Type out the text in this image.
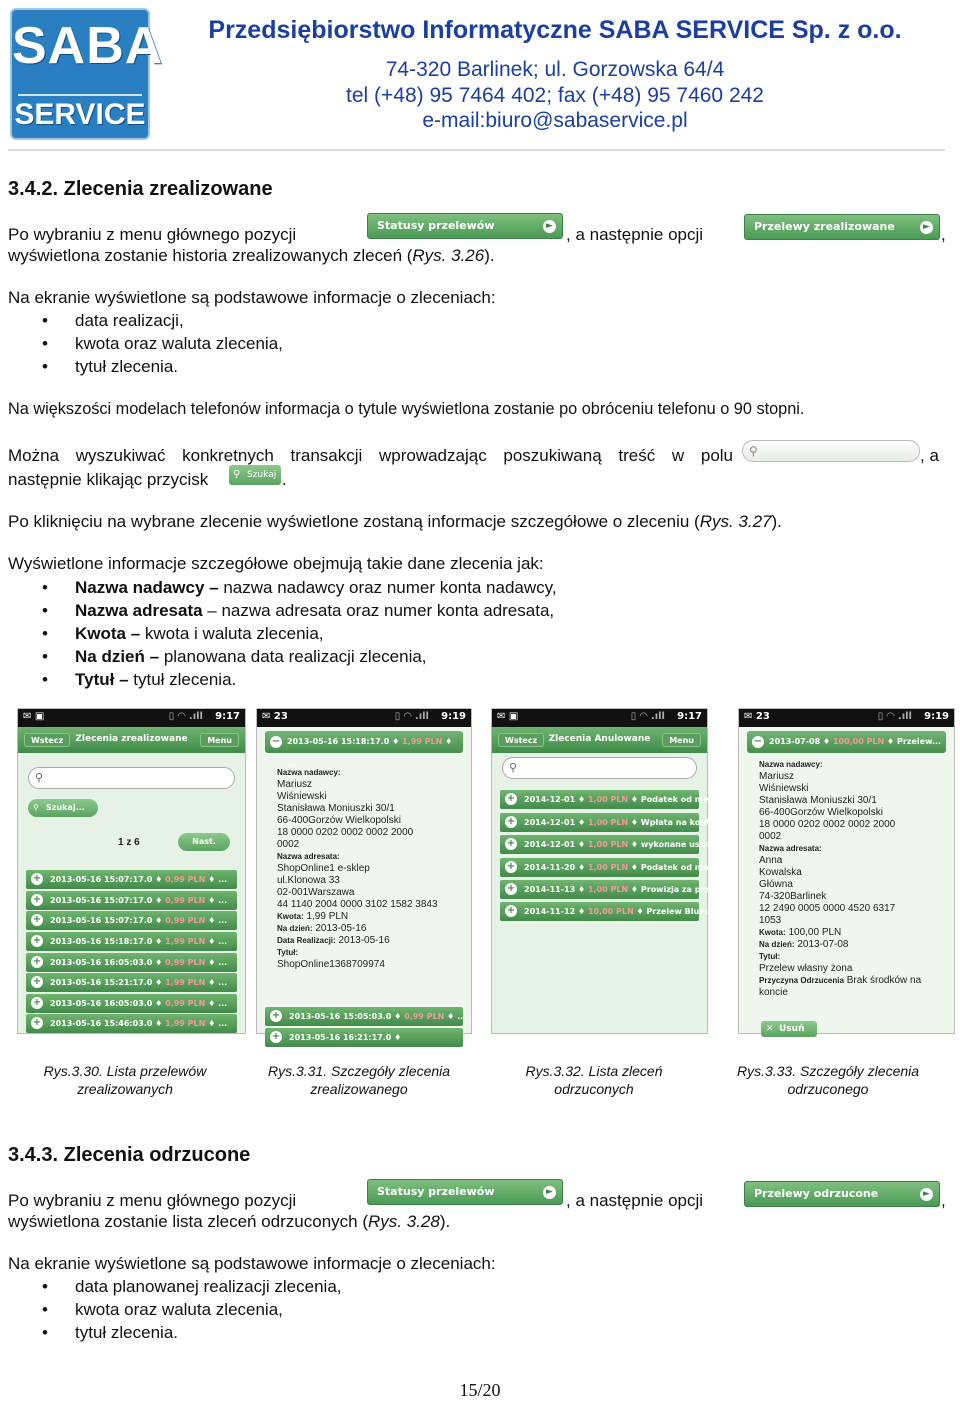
SABA
SERVICE
Przedsiębiorstwo Informatyczne SABA SERVICE Sp. z o.o.
74-320 Barlinek; ul. Gorzowska 64/4
tel (+48) 95 7464 402; fax (+48) 95 7460 242
e-mail:biuro@sabaservice.pl
3.4.2. Zlecenia zrealizowane
Po wybraniu z menu głównego pozycji	Statusy przelewów	► , a następnie opcji	Przelewy zrealizowane	► ,
wyświetlona zostanie historia zrealizowanych zleceń (Rys. 3.26).
Na ekranie wyświetlone są podstawowe informacje o zleceniach:
• data realizacji,
• kwota oraz waluta zlecenia,
• tytuł zlecenia.
Na większości modelach telefonów informacja o tytule wyświetlona zostanie po obróceniu telefonu o 90 stopni.
Można wyszukiwać konkretnych transakcji wprowadzając poszukiwaną treść w polu ⚲	, a
następnie klikając przycisk ⚲ Szukaj .
Po kliknięciu na wybrane zlecenie wyświetlone zostaną informacje szczegółowe o zleceniu (Rys. 3.27).
Wyświetlone informacje szczegółowe obejmują takie dane zlecenia jak:
• Nazwa nadawcy – nazwa nadawcy oraz numer konta nadawcy,
• Nazwa adresata – nazwa adresata oraz numer konta adresata,
• Kwota – kwota i waluta zlecenia,
• Na dzień – planowana data realizacji zlecenia,
• Tytuł – tytuł zlecenia.
✉ ▣	▯ ◠ .ıll 9:17
Wstecz	Zlecenia zrealizowane	Menu
⚲
⚲ Szukaj...
1 z 6	Nast.
+ 2013-05-16 15:07:17.0 ♦ 0,99 PLN ♦ ...
+ 2013-05-16 15:07:17.0 ♦ 0,99 PLN ♦ ...
+ 2013-05-16 15:07:17.0 ♦ 0,99 PLN ♦ ...
+ 2013-05-16 15:18:17.0 ♦ 1,99 PLN ♦ ...
+ 2013-05-16 16:05:03.0 ♦ 0,99 PLN ♦ ...
+ 2013-05-16 15:21:17.0 ♦ 1,99 PLN ♦ ...
+ 2013-05-16 16:05:03.0 ♦ 0,99 PLN ♦ ...
+ 2013-05-16 15:46:03.0 ♦ 1,99 PLN ♦ ...
✉ 23	▯ ◠ .ıll 9:19
− 2013-05-16 15:18:17.0 ♦ 1,99 PLN ♦ ...
Nazwa nadawcy:
Mariusz
Wiśniewski
Stanisława Moniuszki 30/1
66-400Gorzów Wielkopolski
18 0000 0202 0002 0002 2000
0002
Nazwa adresata:
ShopOnline1 e-sklep
ul.Klonowa 33
02-001Warszawa
44 1140 2004 0000 3102 1582 3843
Kwota: 1,99 PLN
Na dzień: 2013-05-16
Data Realizacji: 2013-05-16
Tytuł:
ShopOnline1368709974
+ 2013-05-16 15:05:03.0 ♦ 0,99 PLN ♦ ...
+ 2013-05-16 16:21:17.0 ♦
✉ ▣	▯ ◠ .ıll 9:17
Wstecz	Zlecenia Anulowane	Menu
⚲
+ 2014-12-01 ♦ 1,00 PLN ♦ Podatek od nier...
+ 2014-12-01 ♦ 1,00 PLN ♦ Wpłata na kont...
+ 2014-12-01 ♦ 1,00 PLN ♦ wykonane usługi
+ 2014-11-20 ♦ 1,00 PLN ♦ Podatek od nier...
+ 2014-11-13 ♦ 1,00 PLN ♦ Prowizja za prz...
+ 2014-11-12 ♦ 10,00 PLN ♦ Przelew Bluec...
✉ 23	▯ ◠ .ıll 9:19
− 2013-07-08 ♦ 100,00 PLN ♦ Przelew...
Nazwa nadawcy:
Mariusz
Wiśniewski
Stanisława Moniuszki 30/1
66-400Gorzów Wielkopolski
18 0000 0202 0002 0002 2000
0002
Nazwa adresata:
Anna
Kowalska
Główna
74-320Barlinek
12 2490 0005 0000 4520 6317
1053
Kwota: 100,00 PLN
Na dzień: 2013-07-08
Tytuł:
Przelew własny żona
Przyczyna Odrzucenia Brak środków na
koncie
✕ Usuń
Rys.3.30. Lista przelewów
zrealizowanych
Rys.3.31. Szczegóły zlecenia
zrealizowanego
Rys.3.32. Lista zleceń
odrzuconych
Rys.3.33. Szczegóły zlecenia
odrzuconego
3.4.3. Zlecenia odrzucone
Po wybraniu z menu głównego pozycji	Statusy przelewów	► , a następnie opcji	Przelewy odrzucone	► ,
wyświetlona zostanie lista zleceń odrzuconych (Rys. 3.28).
Na ekranie wyświetlone są podstawowe informacje o zleceniach:
• data planowanej realizacji zlecenia,
• kwota oraz waluta zlecenia,
• tytuł zlecenia.
15/20
